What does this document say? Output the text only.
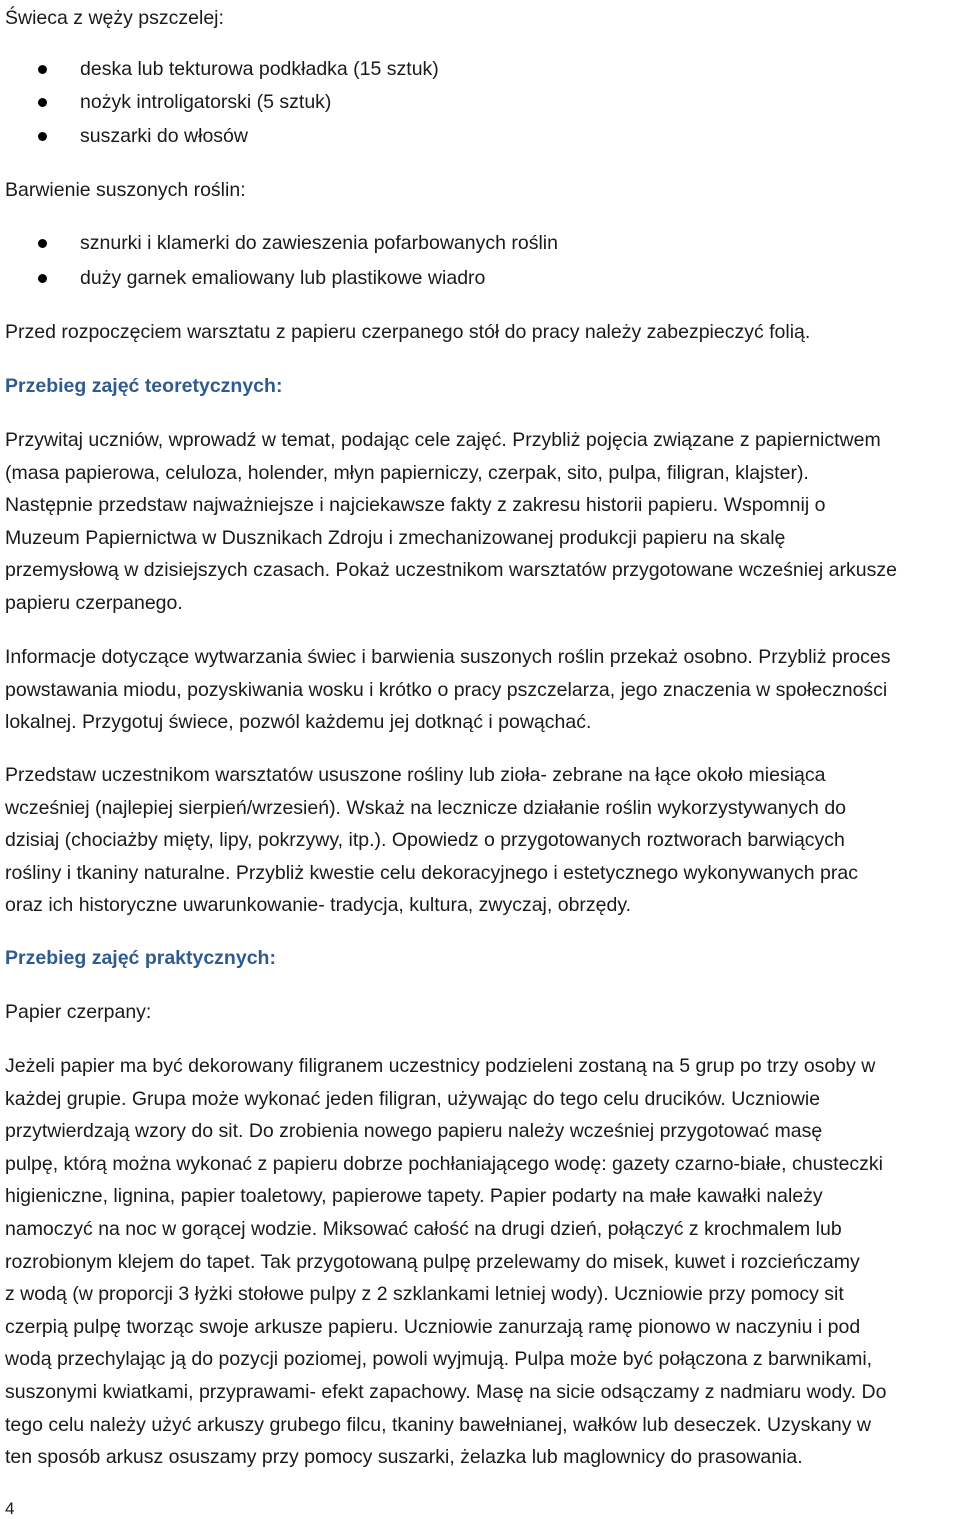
Świeca z węży pszczelej:
deska lub tekturowa podkładka (15 sztuk)
nożyk introligatorski (5 sztuk)
suszarki do włosów
Barwienie suszonych roślin:
sznurki i klamerki do zawieszenia pofarbowanych roślin
duży garnek emaliowany lub plastikowe wiadro
Przed rozpoczęciem warsztatu z papieru czerpanego stół do pracy należy zabezpieczyć folią.
Przebieg zajęć teoretycznych:
Przywitaj uczniów, wprowadź w temat, podając cele zajęć. Przybliż pojęcia związane z papiernictwem
(masa papierowa, celuloza, holender, młyn papierniczy, czerpak, sito, pulpa, filigran, klajster).
Następnie przedstaw najważniejsze i najciekawsze fakty z zakresu historii papieru. Wspomnij o
Muzeum Papiernictwa w Dusznikach Zdroju i zmechanizowanej produkcji papieru na skalę
przemysłową w dzisiejszych czasach. Pokaż uczestnikom warsztatów przygotowane wcześniej arkusze
papieru czerpanego.
Informacje dotyczące wytwarzania świec i barwienia suszonych roślin przekaż osobno. Przybliż proces
powstawania miodu, pozyskiwania wosku i krótko o pracy pszczelarza, jego znaczenia w społeczności
lokalnej. Przygotuj świece, pozwól każdemu jej dotknąć i powąchać.
Przedstaw uczestnikom warsztatów ususzone rośliny lub zioła- zebrane na łące około miesiąca
wcześniej (najlepiej sierpień/wrzesień). Wskaż na lecznicze działanie roślin wykorzystywanych do
dzisiaj (chociażby mięty, lipy, pokrzywy, itp.). Opowiedz o przygotowanych roztworach barwiących
rośliny i tkaniny naturalne. Przybliż kwestie celu dekoracyjnego i estetycznego wykonywanych prac
oraz ich historyczne uwarunkowanie- tradycja, kultura, zwyczaj, obrzędy.
Przebieg zajęć praktycznych:
Papier czerpany:
Jeżeli papier ma być dekorowany filigranem uczestnicy podzieleni zostaną na 5 grup po trzy osoby w
każdej grupie. Grupa może wykonać jeden filigran, używając do tego celu drucików. Uczniowie
przytwierdzają wzory do sit. Do zrobienia nowego papieru należy wcześniej przygotować masę
pulpę, którą można wykonać z papieru dobrze pochłaniającego wodę: gazety czarno-białe, chusteczki
higieniczne, lignina, papier toaletowy, papierowe tapety. Papier podarty na małe kawałki należy
namoczyć na noc w gorącej wodzie. Miksować całość na drugi dzień, połączyć z krochmalem lub
rozrobionym klejem do tapet. Tak przygotowaną pulpę przelewamy do misek, kuwet i rozcieńczamy
z wodą (w proporcji 3 łyżki stołowe pulpy z 2 szklankami letniej wody). Uczniowie przy pomocy sit
czerpią pulpę tworząc swoje arkusze papieru. Uczniowie zanurzają ramę pionowo w naczyniu i pod
wodą przechylając ją do pozycji poziomej, powoli wyjmują. Pulpa może być połączona z barwnikami,
suszonymi kwiatkami, przyprawami- efekt zapachowy. Masę na sicie odsączamy z nadmiaru wody. Do
tego celu należy użyć arkuszy grubego filcu, tkaniny bawełnianej, wałków lub deseczek. Uzyskany w
ten sposób arkusz osuszamy przy pomocy suszarki, żelazka lub maglownicy do prasowania.
4
